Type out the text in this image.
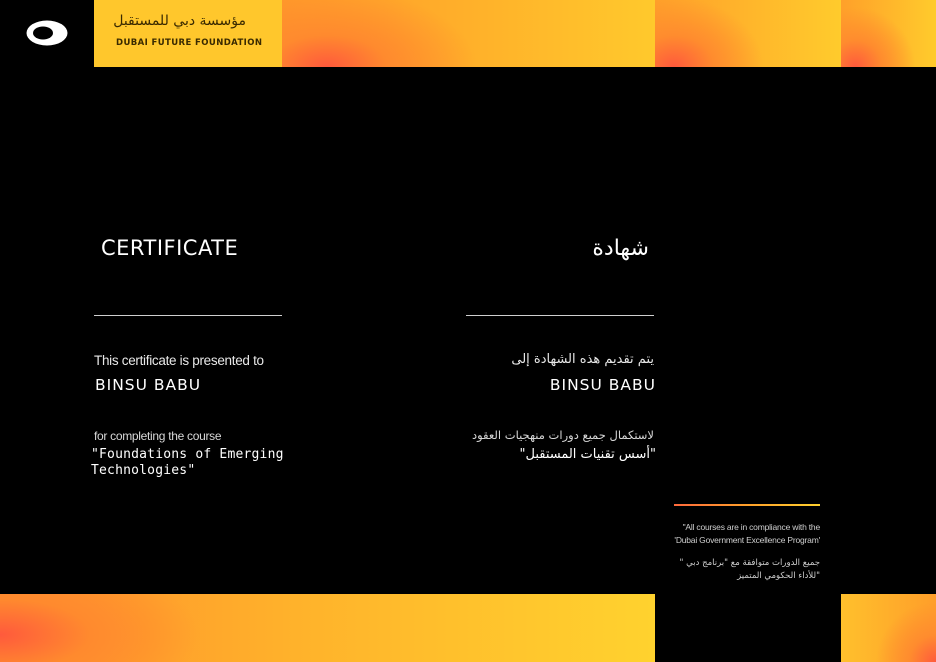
مؤسسة دبي للمستقبل
DUBAI FUTURE FOUNDATION
CERTIFICATE	شهادة
This certificate is presented to	يتم تقديم هذه الشهادة إلى
BINSU BABU	BINSU BABU
for completing the course	لاستكمال جميع دورات منهجيات العقود
"Foundations of Emerging Technologies"
"أسس تقنيات المستقبل"
"All courses are in compliance with the
'Dubai Government Excellence Program'
" جميع الدورات متوافقة مع "برنامج دبي
للأداء الحكومي المتميز"
